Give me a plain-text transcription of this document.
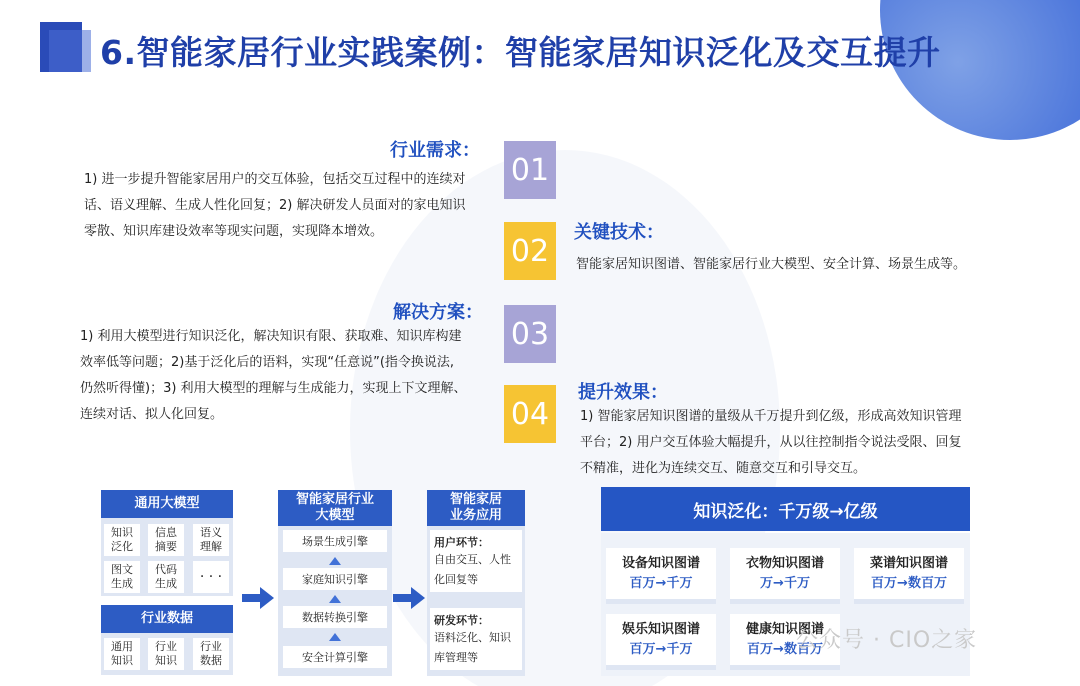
6.智能家居行业实践案例：智能家居知识泛化及交互提升
行业需求：
1) 进一步提升智能家居用户的交互体验，包括交互过程中的连续对
话、语义理解、生成人性化回复；2) 解决研发人员面对的家电知识
零散、知识库建设效率等现实问题，实现降本增效。
01
02
关键技术：
智能家居知识图谱、智能家居行业大模型、安全计算、场景生成等。
解决方案：
1) 利用大模型进行知识泛化，解决知识有限、获取难、知识库构建
效率低等问题；2)基于泛化后的语料，实现“任意说”(指令换说法,
仍然听得懂)；3) 利用大模型的理解与生成能力，实现上下文理解、
连续对话、拟人化回复。
03
04
提升效果：
1) 智能家居知识图谱的量级从千万提升到亿级，形成高效知识管理
平台；2) 用户交互体验大幅提升，从以往控制指令说法受限、回复
不精准，进化为连续交互、随意交互和引导交互。
通用大模型
知识
泛化
信息
摘要
语义
理解
图文
生成
代码
生成	· · ·
行业数据
通用
知识
行业
知识
行业
数据
智能家居行业
大模型
场景生成引擎
家庭知识引擎
数据转换引擎
安全计算引擎
智能家居
业务应用
用户环节：
自由交互、人性
化回复等
研发环节：
语料泛化、知识
库管理等
知识泛化：千万级→亿级
设备知识图谱
百万→千万
衣物知识图谱
万→千万
菜谱知识图谱
百万→数百万
娱乐知识图谱
百万→千万
健康知识图谱
百万→数百万
公众号 · CIO之家
